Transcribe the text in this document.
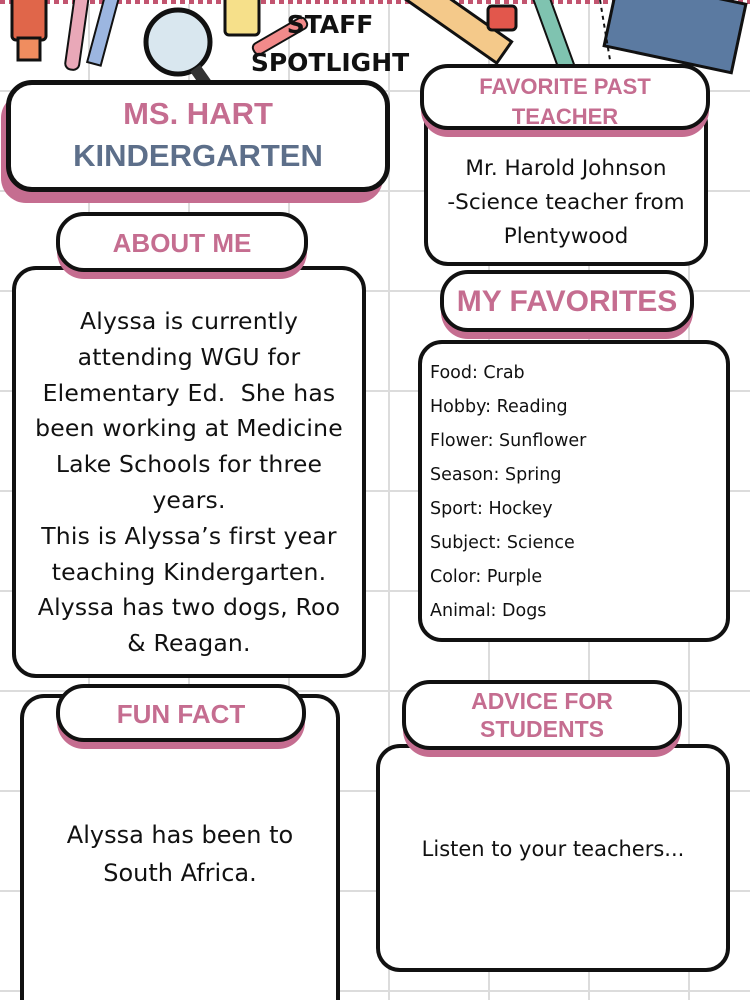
STAFF
SPOTLIGHT
MS. HART
KINDERGARTEN	Mr. Harold Johnson
-Science teacher from
Plentywood
FAVORITE PAST
TEACHER
Alyssa is currently
attending WGU for
Elementary Ed.  She has
been working at Medicine
Lake Schools for three
years.
This is Alyssa’s first year
teaching Kindergarten.
Alyssa has two dogs, Roo
& Reagan.
ABOUT ME
Food: Crab
Hobby: Reading
Flower: Sunflower
Season: Spring
Sport: Hockey
Subject: Science
Color: Purple
Animal: Dogs
MY FAVORITES
Alyssa has been to
South Africa.
FUN FACT
Listen to your teachers...
ADVICE FOR
STUDENTS
